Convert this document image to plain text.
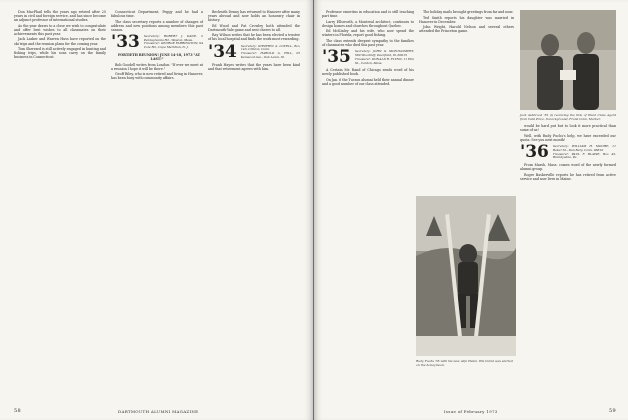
Don MacPhail tells the years ago retired after 25 years in civil and foreign service, and has since become an adjunct professor of international studies.

As the year draws to a close we wish to congratulate and offer best wishes to all classmates on their achievements this past year.

Jack Lasker and Warren Huss have reported on the ski trips and the reunion plans for the coming year.

Tom Sherrard is still actively engaged in hunting and fishing trips, while his sons carry on the family business in Connecticut.

Connecticut Department, Peggy and he had a fabulous time.

The class secretary reports a number of changes of address and new positions among members this past season.

'33 Secretary: ROBERT J. KANE, 2 Pennsylvania Rd., Weston, Mass.
Treasurer: GEORGE FARRINGTON, 94 Cole Rd., Cape Meridian, N. J.

FORTIETH REUNION! JUNE 14-18, 1973 "AT LAST!"

Bob Goodell writes from London: "If ever we meet at a reunion I hope it will be there."

Geoff Riley, who is now retired and living in Hanover, has been busy with community affairs.

Beckwith Denny has returned to Hanover after many years abroad and now holds an honorary chair in history.

Ed Wood and Pat Crowley both attended the Dartmouth-Yale game and sent cheers to all.

Ray Wilson writes that he has been elected a trustee of his local hospital and finds the work most rewarding.

'34 Secretary: STEPHEN A. LOVELL, Box 143, Clinton, Conn.
Treasurer: HAROLD A. HILL, 25 Kenwood Ave., Oak Lawn, Ill.

Frank Hayes writes that the years have been kind and that retirement agrees with him.

58	DARTMOUTH ALUMNI MAGAZINE

Professor emeritus in education and is still teaching part time.

Larry Ellsworth, a Montreal architect, continues to design homes and churches throughout Quebec.

Ed McKinley and his wife, who now spend the winters in Florida, report good fishing.

The class extends deepest sympathy to the families of classmates who died this past year.

'35 Secretary: JOHN G. MONTGOMERY, 580 Woodruff, Deerfield, Ill. 60015
Treasurer: DONALD R. FLYNN, 11 Elm St., Canton, Mass.

A Certain Mr. Rand of Chicago sends word of his newly published book.

On Jan. 6 the Tucson alumni held their annual dinner and a good number of our class attended.

The holiday mails brought greetings from far and near.

Ted Smith reports his daughter was married in Hanover in December.

John Wright, Harold Nelson and several others attended the Princeton game.

Rudy Fuchs '35 with his new wife Helen. His brand was started on the honeymoon.
Jack Ashbrook '35 (l) receiving the title of Head Class Agent from Yank Price. In background, Frank Cobb, Marker.

would be hard put but to look it more practical than some of us!

Well, with Rudy Fuchs's help, we have exceeded our quota. See you next month!

'36 Secretary: WILLIAM H. MOORE, 11 Baker St., Dan Bury, Conn. 06810
Treasurer: PAUL F. BLAISE, Box 43, Brandywine, Pa.

From Marsh, Mass. comes word of the newly formed alumni group.

Roger Baskerville reports he has retired from active service and now lives in Maine.

Issue of February 1973	59
